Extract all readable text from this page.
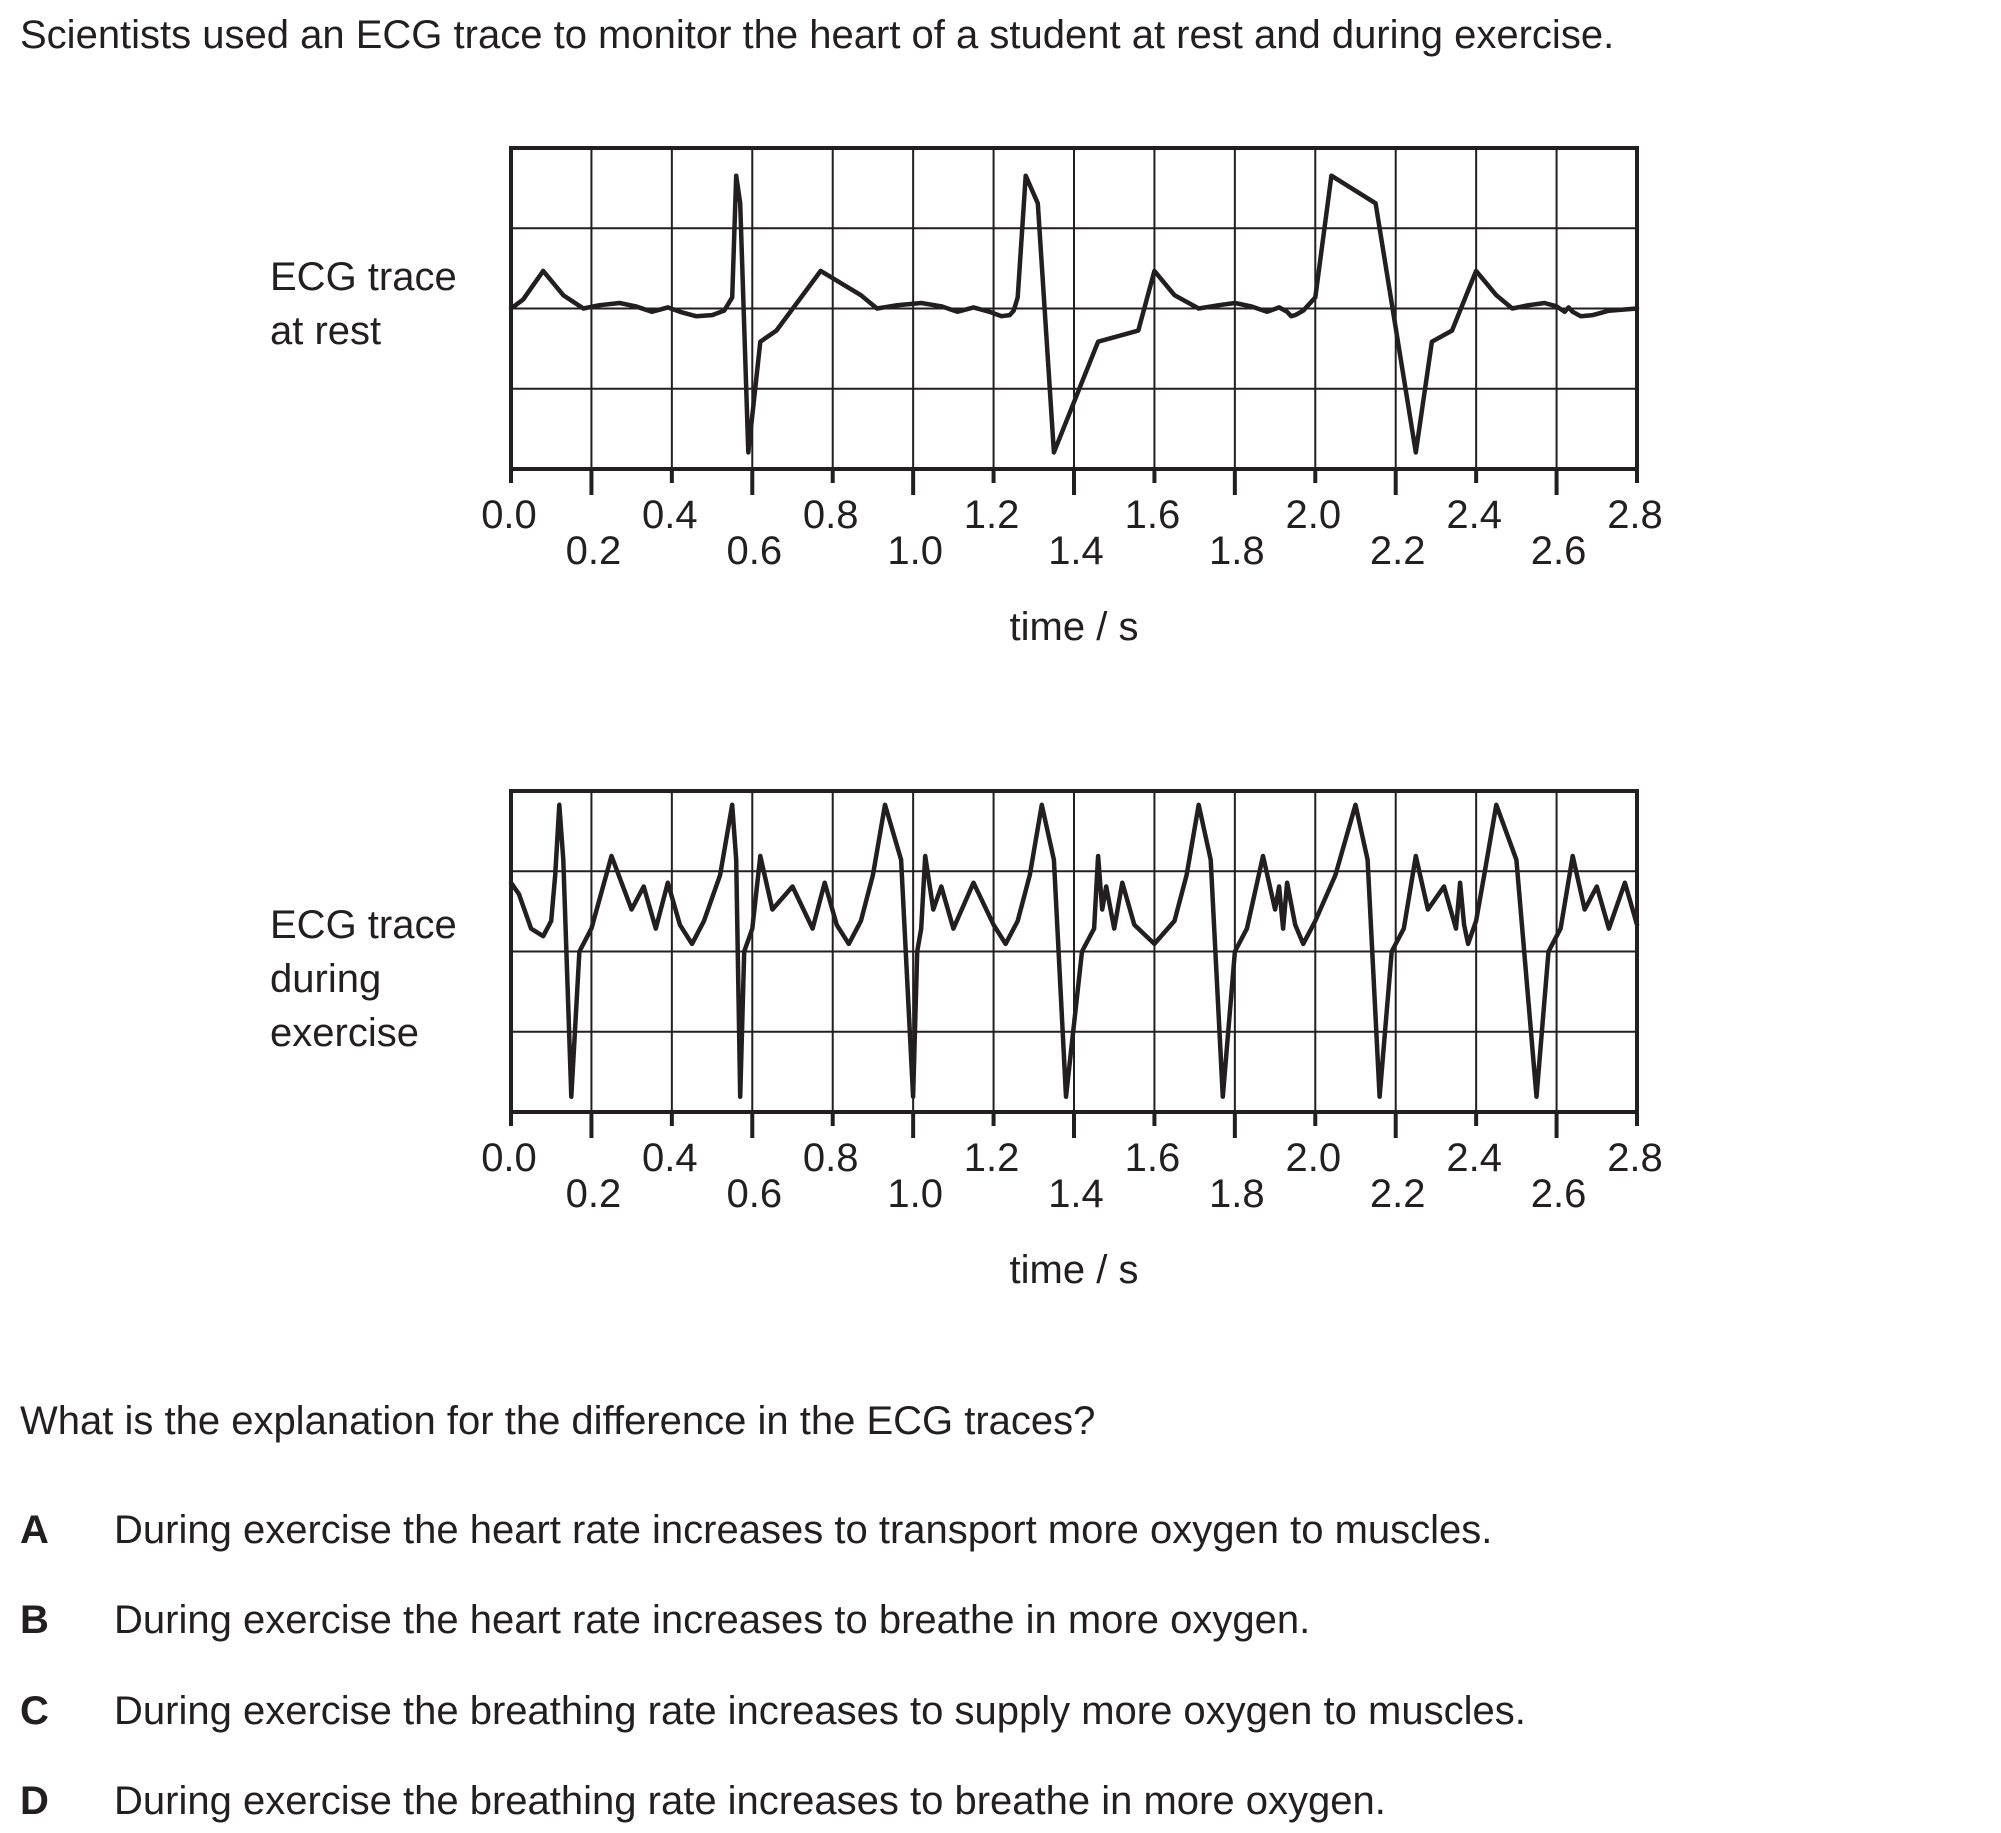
Scientists used an ECG trace to monitor the heart of a student at rest and during exercise.
ECG trace
at rest
0.0
0.2
0.4
0.6
0.8
1.0
1.2
1.4
1.6
1.8
2.0
2.2
2.4
2.6
2.8
time / s
ECG trace
during
exercise
0.0
0.2
0.4
0.6
0.8
1.0
1.2
1.4
1.6
1.8
2.0
2.2
2.4
2.6
2.8
time / s
What is the explanation for the difference in the ECG traces?
A During exercise the heart rate increases to transport more oxygen to muscles.
B During exercise the heart rate increases to breathe in more oxygen.
C During exercise the breathing rate increases to supply more oxygen to muscles.
D During exercise the breathing rate increases to breathe in more oxygen.
